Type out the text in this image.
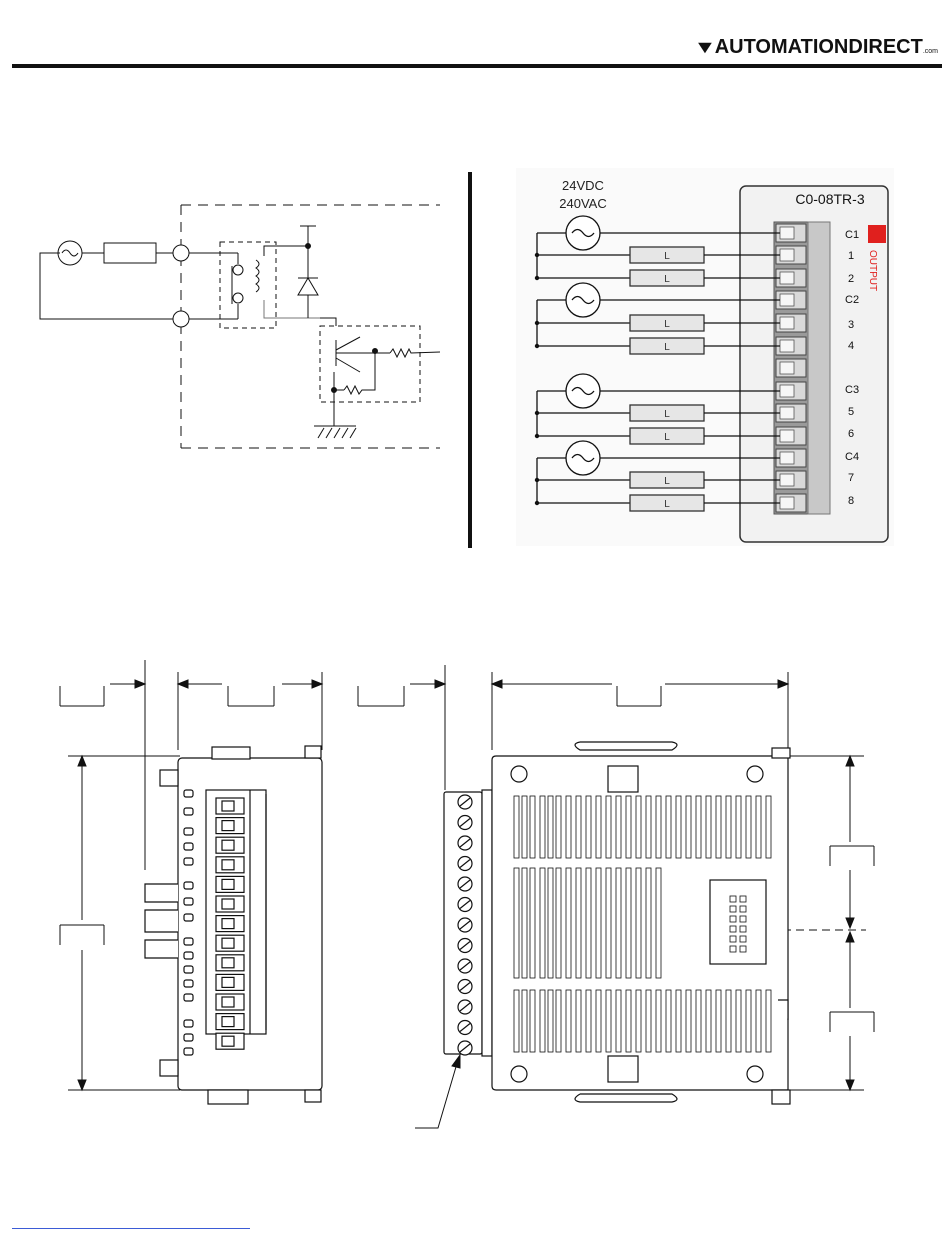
▼AUTOMATIONDIRECT.com
24VDC
240VAC	C0-08TR-3
OUTPUT
C1
1
2
C2
3
4
C3
5
6
C4
7
8
L
L
L
L
L
L
L
L
